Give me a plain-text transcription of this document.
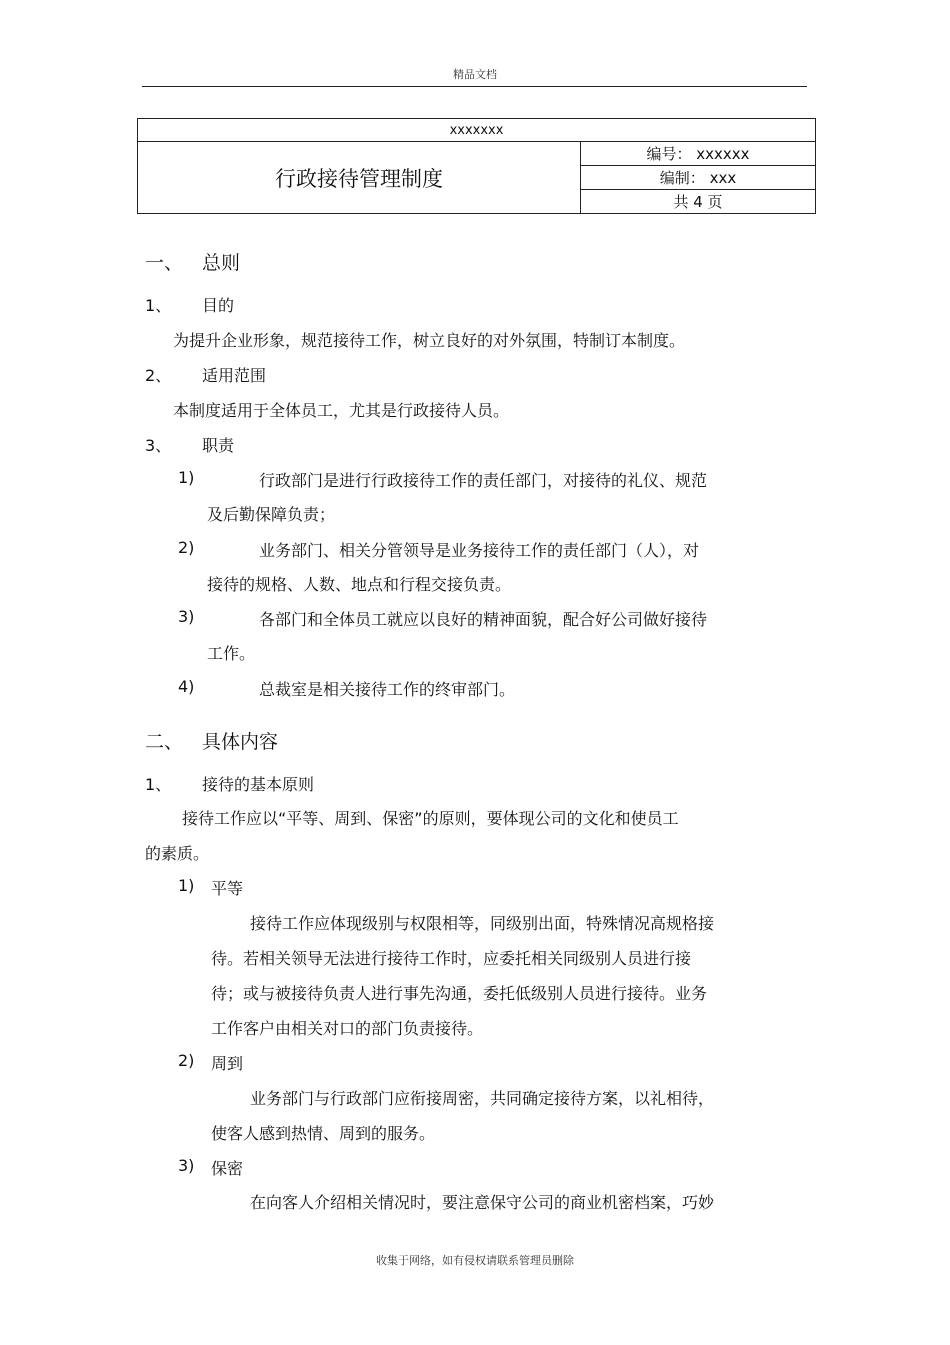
精品文档
xxxxxxx
行政接待管理制度	编号： xxxxxx
编制： xxx
共 4 页
一、 总则
1、 目的
为提升企业形象，规范接待工作，树立良好的对外氛围，特制订本制度。
2、 适用范围
本制度适用于全体员工，尤其是行政接待人员。
3、 职责
1)	行政部门是进行行政接待工作的责任部门，对接待的礼仪、规范
及后勤保障负责；
2)	业务部门、相关分管领导是业务接待工作的责任部门（人），对
接待的规格、人数、地点和行程交接负责。
3)	各部门和全体员工就应以良好的精神面貌，配合好公司做好接待
工作。
4)	总裁室是相关接待工作的终审部门。
二、 具体内容
1、 接待的基本原则
接待工作应以“平等、周到、保密”的原则，要体现公司的文化和使员工
的素质。
1) 平等
接待工作应体现级别与权限相等，同级别出面，特殊情况高规格接
待。若相关领导无法进行接待工作时，应委托相关同级别人员进行接
待；或与被接待负责人进行事先沟通，委托低级别人员进行接待。业务
工作客户由相关对口的部门负责接待。
2) 周到
业务部门与行政部门应衔接周密，共同确定接待方案，以礼相待，
使客人感到热情、周到的服务。
3) 保密
在向客人介绍相关情况时，要注意保守公司的商业机密档案，巧妙
收集于网络，如有侵权请联系管理员删除
